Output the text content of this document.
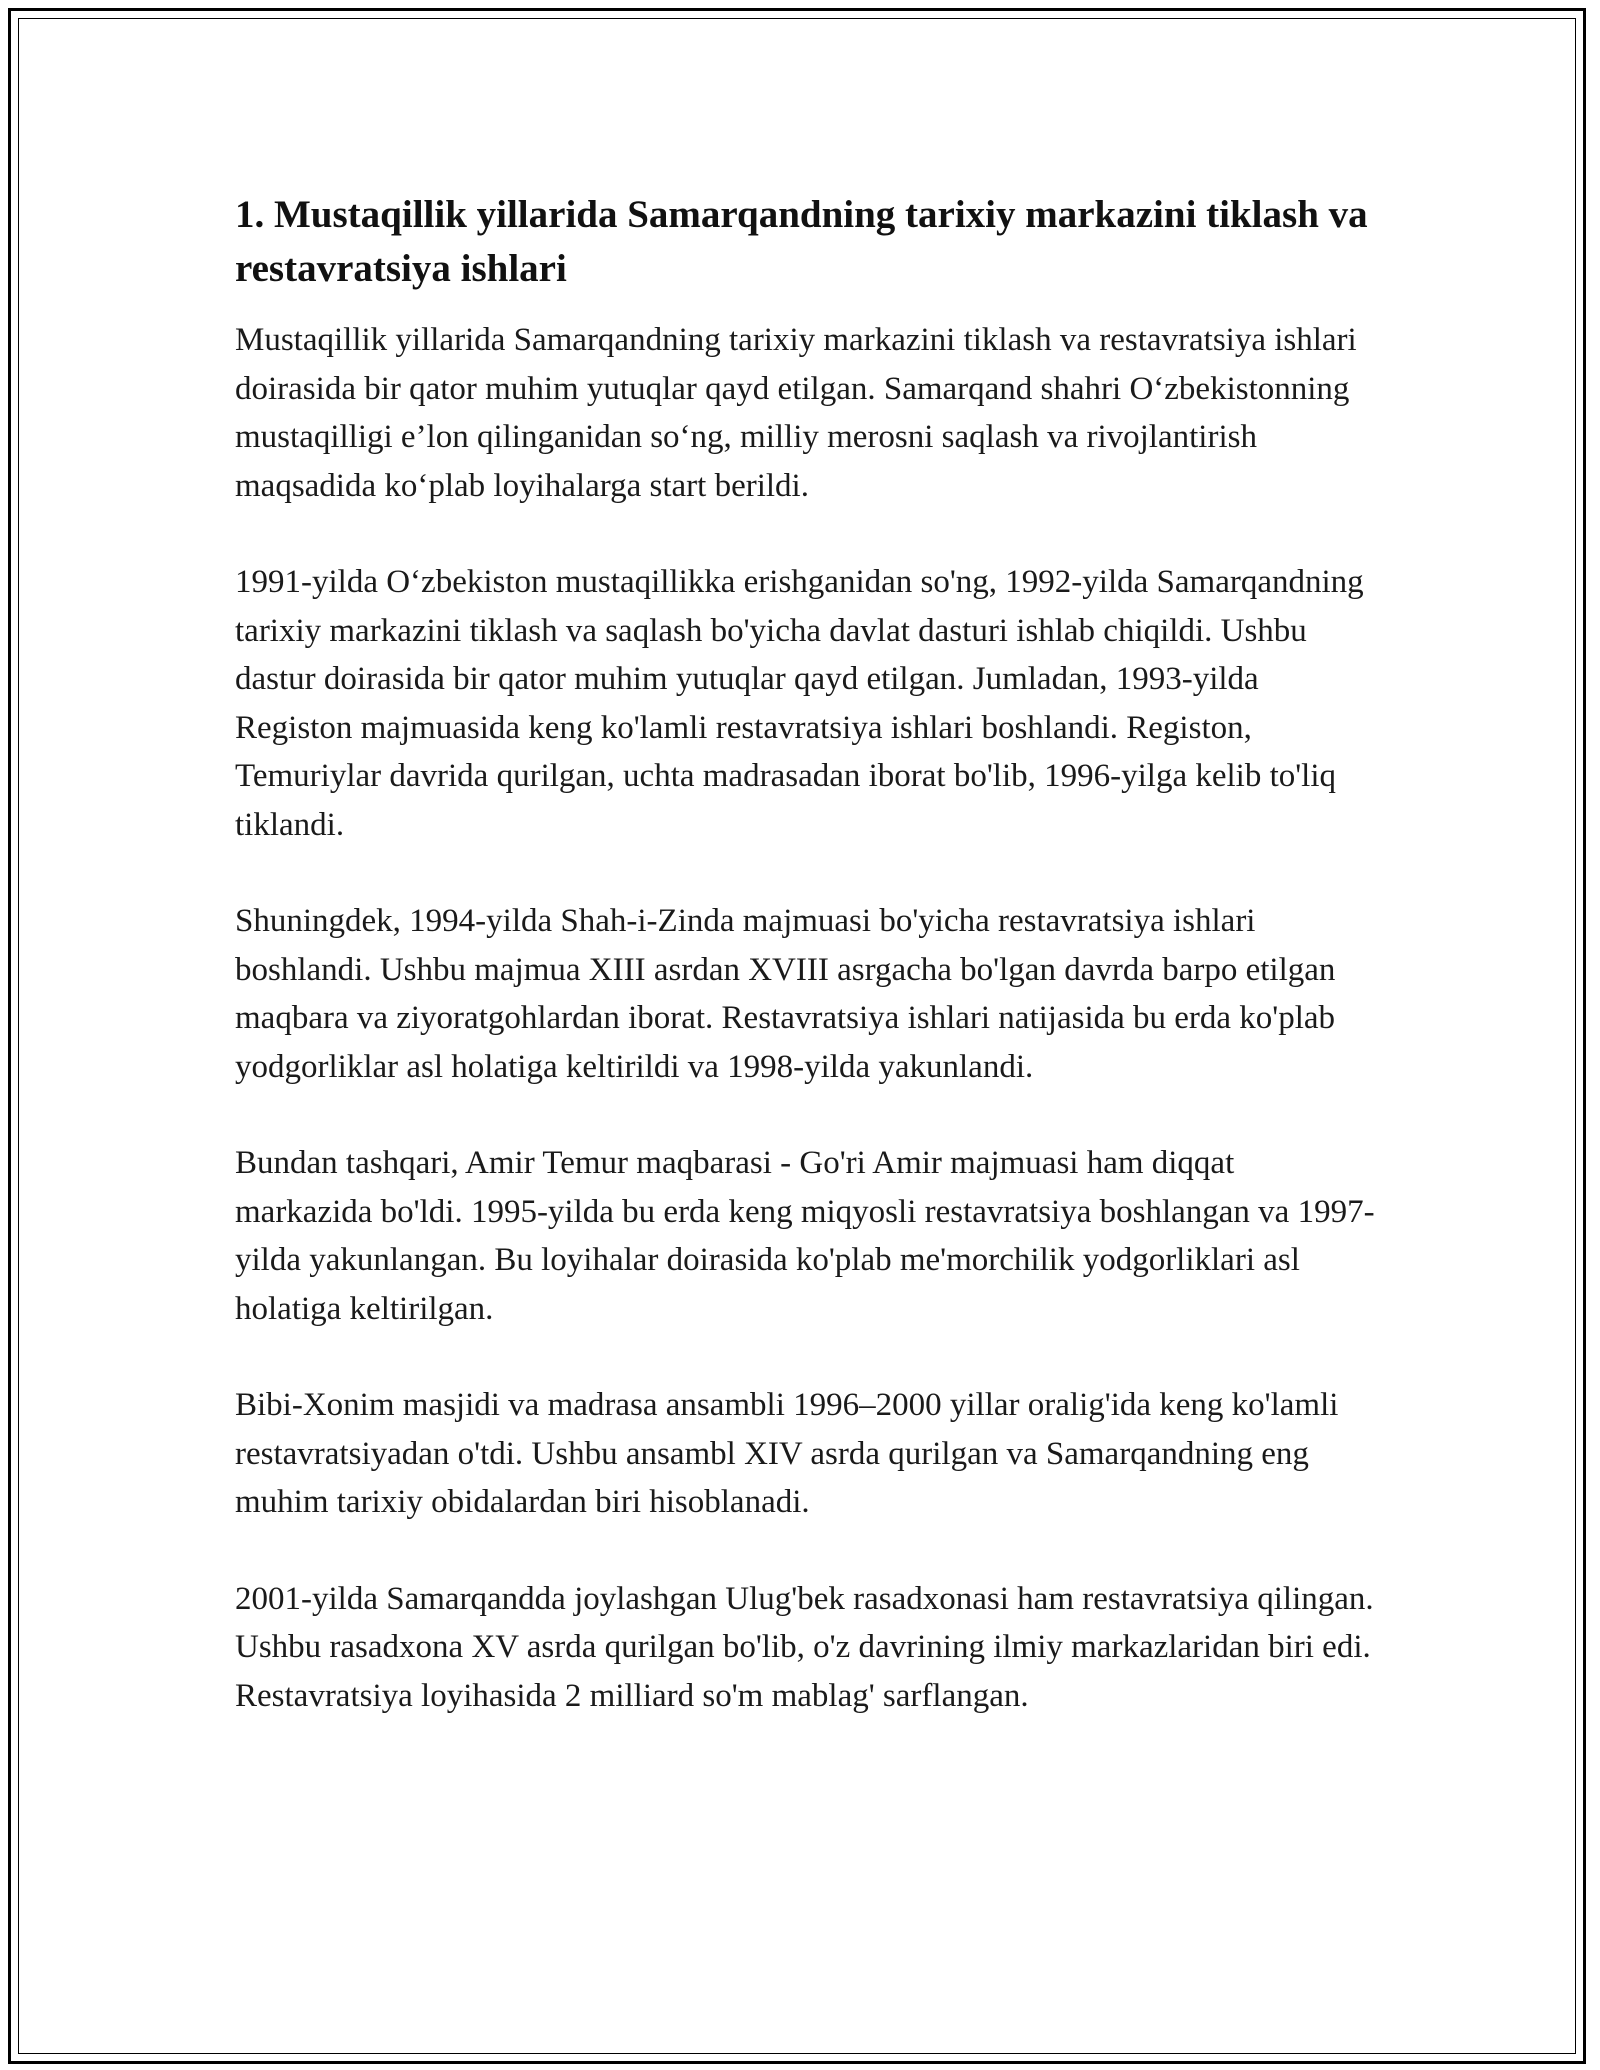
1. Mustaqillik yillarida Samarqandning tarixiy markazini tiklash va restavratsiya ishlari

Mustaqillik yillarida Samarqandning tarixiy markazini tiklash va restavratsiya ishlari doirasida bir qator muhim yutuqlar qayd etilgan. Samarqand shahri O‘zbekistonning mustaqilligi e’lon qilinganidan so‘ng, milliy merosni saqlash va rivojlantirish maqsadida ko‘plab loyihalarga start berildi.

1991-yilda O‘zbekiston mustaqillikka erishganidan so'ng, 1992-yilda Samarqandning tarixiy markazini tiklash va saqlash bo'yicha davlat dasturi ishlab chiqildi. Ushbu dastur doirasida bir qator muhim yutuqlar qayd etilgan. Jumladan, 1993-yilda Registon majmuasida keng ko'lamli restavratsiya ishlari boshlandi. Registon, Temuriylar davrida qurilgan, uchta madrasadan iborat bo'lib, 1996-yilga kelib to'liq tiklandi.

Shuningdek, 1994-yilda Shah-i-Zinda majmuasi bo'yicha restavratsiya ishlari boshlandi. Ushbu majmua XIII asrdan XVIII asrgacha bo'lgan davrda barpo etilgan maqbara va ziyoratgohlardan iborat. Restavratsiya ishlari natijasida bu erda ko'plab yodgorliklar asl holatiga keltirildi va 1998-yilda yakunlandi.

Bundan tashqari, Amir Temur maqbarasi - Go'ri Amir majmuasi ham diqqat markazida bo'ldi. 1995-yilda bu erda keng miqyosli restavratsiya boshlangan va 1997-yilda yakunlangan. Bu loyihalar doirasida ko'plab me'morchilik yodgorliklari asl holatiga keltirilgan.

Bibi-Xonim masjidi va madrasa ansambli 1996–2000 yillar oralig'ida keng ko'lamli restavratsiyadan o'tdi. Ushbu ansambl XIV asrda qurilgan va Samarqandning eng muhim tarixiy obidalardan biri hisoblanadi.

2001-yilda Samarqandda joylashgan Ulug'bek rasadxonasi ham restavratsiya qilingan. Ushbu rasadxona XV asrda qurilgan bo'lib, o'z davrining ilmiy markazlaridan biri edi. Restavratsiya loyihasida 2 milliard so'm mablag' sarflangan.
